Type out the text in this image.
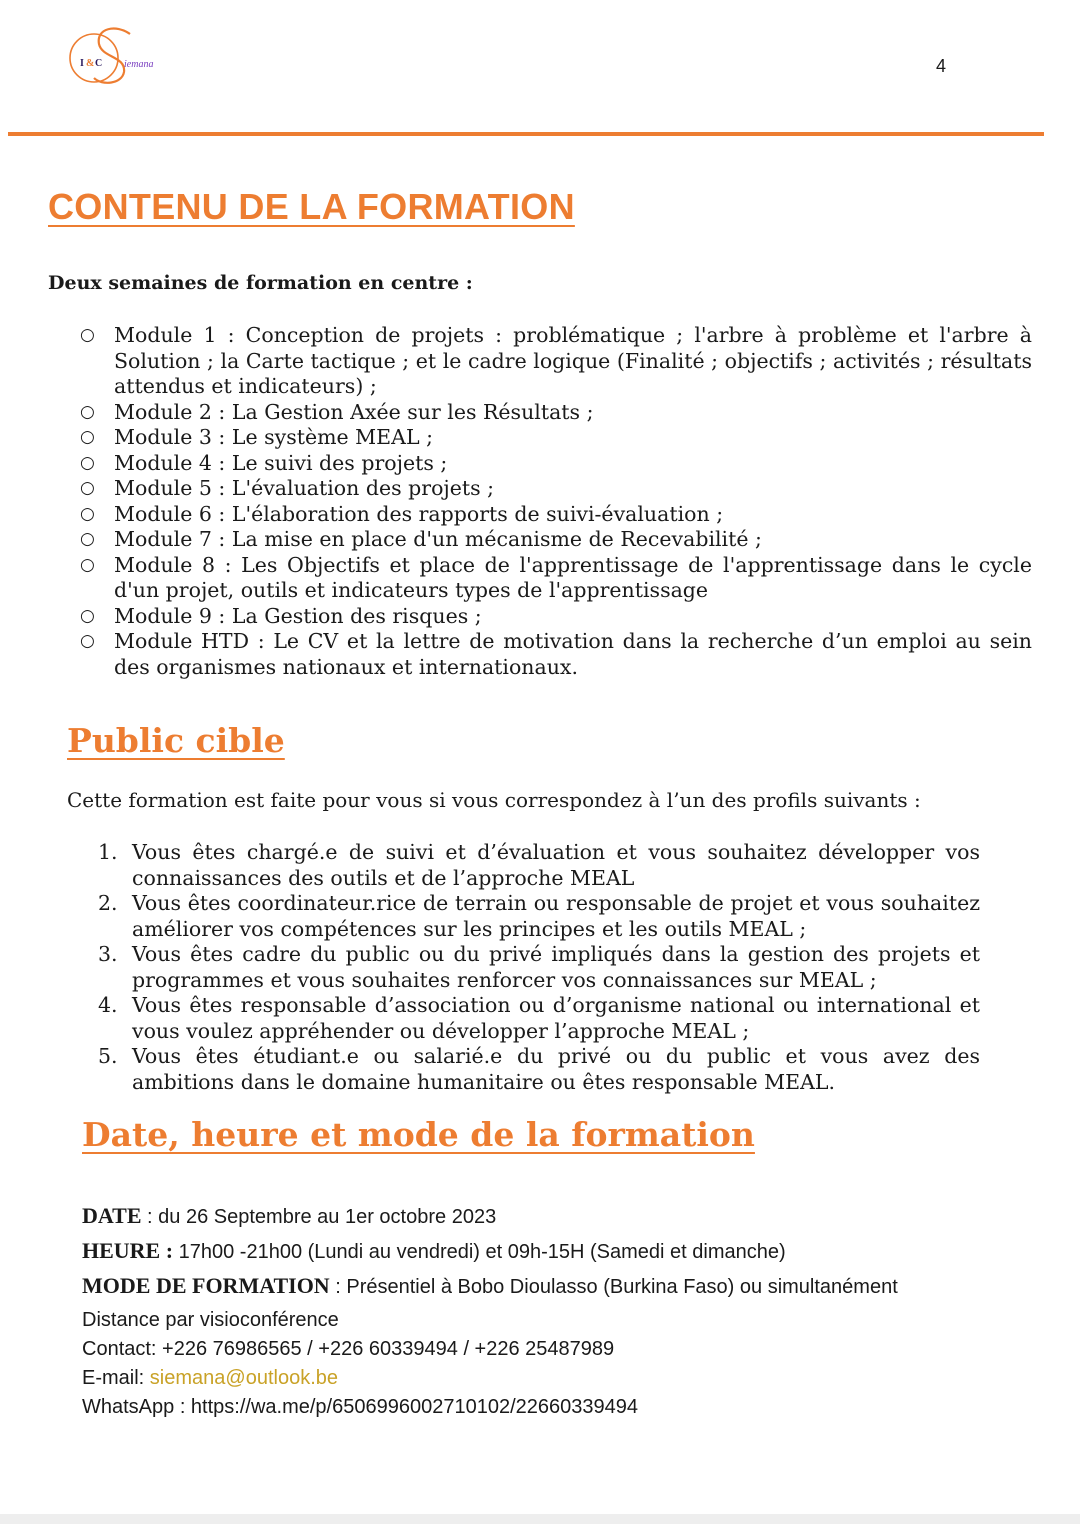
I & C iemana	4
CONTENU DE LA FORMATION
Deux semaines de formation en centre :
○ Module 1 : Conception de projets : problématique ; l'arbre à problème et l'arbre à Solution ; la Carte tactique ; et le cadre logique (Finalité ; objectifs ; activités ; résultats attendus et indicateurs) ;
○ Module 2 : La Gestion Axée sur les Résultats ;
○ Module 3 : Le système MEAL ;
○ Module 4 : Le suivi des projets ;
○ Module 5 : L'évaluation des projets ;
○ Module 6 : L'élaboration des rapports de suivi-évaluation ;
○ Module 7 : La mise en place d'un mécanisme de Recevabilité ;
○ Module 8 : Les Objectifs et place de l'apprentissage de l'apprentissage dans le cycle d'un projet, outils et indicateurs types de l'apprentissage
○ Module 9 : La Gestion des risques ;
○ Module HTD : Le CV et la lettre de motivation dans la recherche d’un emploi au sein des organismes nationaux et internationaux.
Public cible
Cette formation est faite pour vous si vous correspondez à l’un des profils suivants :
1. Vous êtes chargé.e de suivi et d’évaluation et vous souhaitez développer vos connaissances des outils et de l’approche MEAL
2. Vous êtes coordinateur.rice de terrain ou responsable de projet et vous souhaitez améliorer vos compétences sur les principes et les outils MEAL ;
3. Vous êtes cadre du public ou du privé impliqués dans la gestion des projets et programmes et vous souhaites renforcer vos connaissances sur MEAL ;
4. Vous êtes responsable d’association ou d’organisme national ou international et vous voulez appréhender ou développer l’approche MEAL ;
5. Vous êtes étudiant.e ou salarié.e du privé ou du public et vous avez des ambitions dans le domaine humanitaire ou êtes responsable MEAL.
Date, heure et mode de la formation
DATE : du 26 Septembre au 1er octobre 2023
HEURE : 17h00 -21h00 (Lundi au vendredi) et 09h-15H (Samedi et dimanche)
MODE DE FORMATION : Présentiel à Bobo Dioulasso (Burkina Faso) ou simultanément
Distance par visioconférence
Contact: +226 76986565 / +226 60339494 / +226 25487989
E-mail: siemana@outlook.be
WhatsApp : https://wa.me/p/6506996002710102/22660339494
